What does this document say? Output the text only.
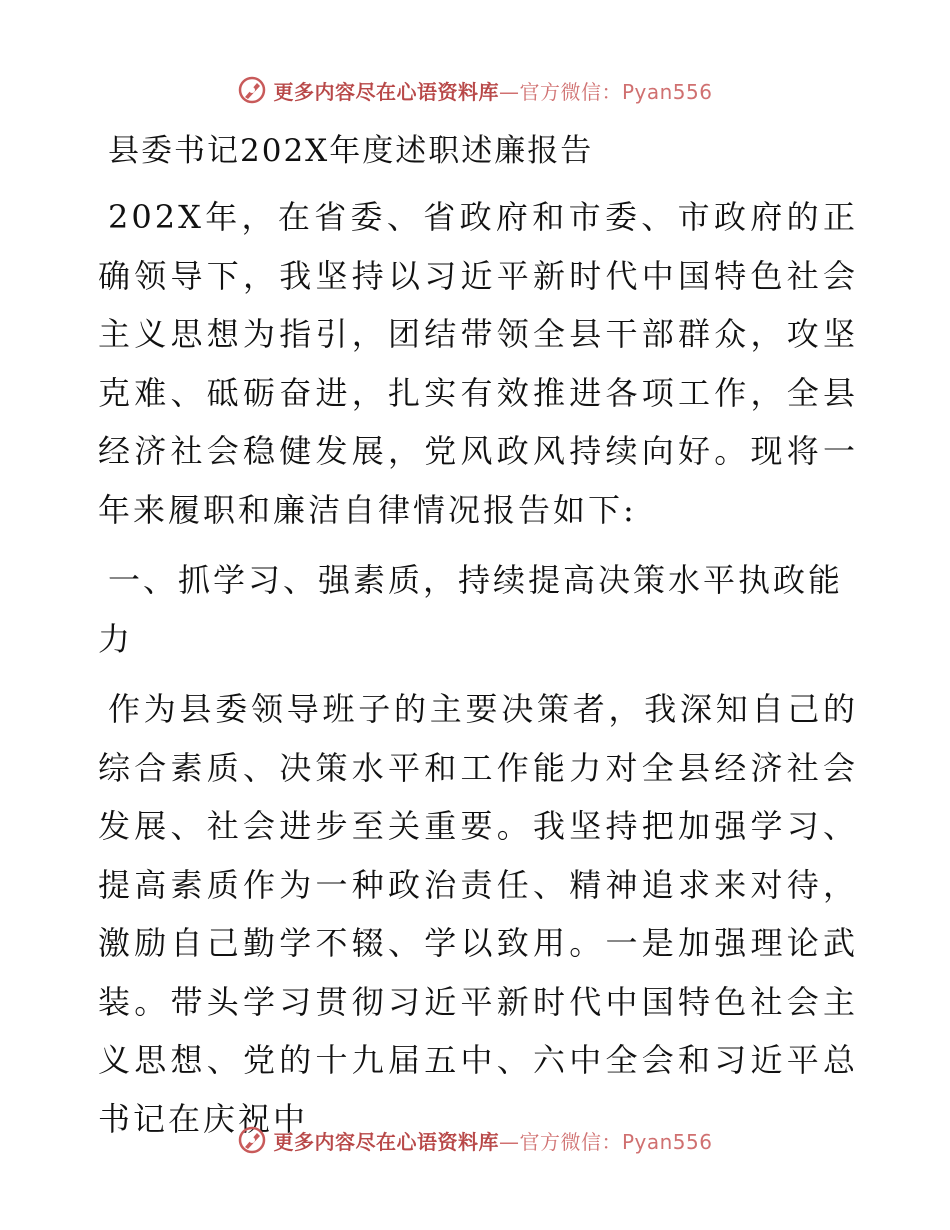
更多内容尽在心语资料库—官方微信：Pyan556
县委书记202X年度述职述廉报告
202X年，在省委、省政府和市委、市政府的正确领导下，我坚持以习近平新时代中国特色社会主义思想为指引，团结带领全县干部群众，攻坚克难、砥砺奋进，扎实有效推进各项工作，全县经济社会稳健发展，党风政风持续向好。现将一年来履职和廉洁自律情况报告如下:
一、抓学习、强素质，持续提高决策水平执政能力
作为县委领导班子的主要决策者，我深知自己的综合素质、决策水平和工作能力对全县经济社会发展、社会进步至关重要。我坚持把加强学习、提高素质作为一种政治责任、精神追求来对待，激励自己勤学不辍、学以致用。一是加强理论武装。带头学习贯彻习近平新时代中国特色社会主义思想、党的十九届五中、六中全会和习近平总书记在庆祝中
更多内容尽在心语资料库—官方微信：Pyan556
